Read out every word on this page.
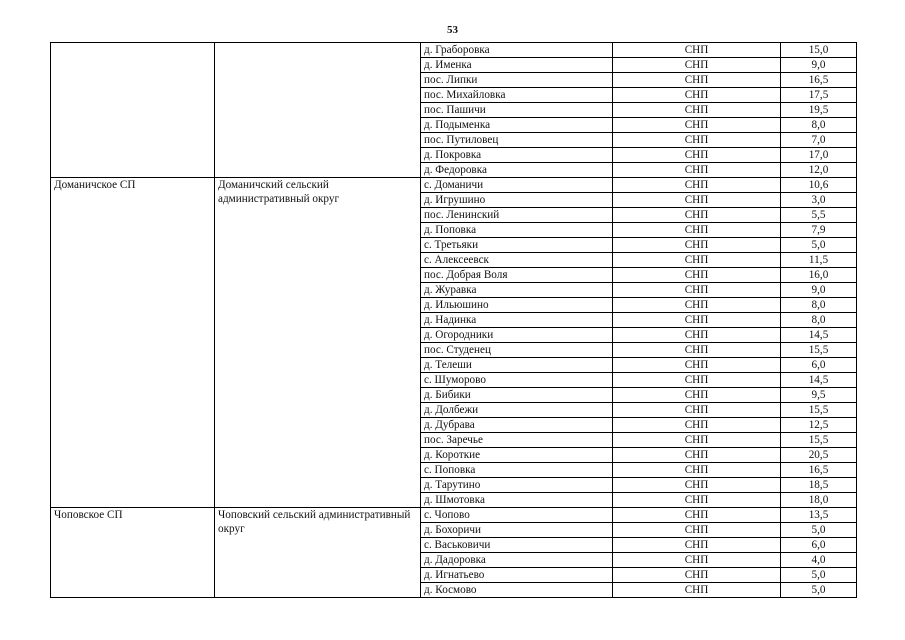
53
		д. Граборовка	СНП	15,0
		д. Именка	СНП	9,0
		пос. Липки	СНП	16,5
		пос. Михайловка	СНП	17,5
		пос. Пашичи	СНП	19,5
		д. Подыменка	СНП	8,0
		пос. Путиловец	СНП	7,0
		д. Покровка	СНП	17,0
		д. Федоровка	СНП	12,0
Доманичское СП	Доманичский сельский административный округ	с. Доманичи	СНП	10,6
		д. Игрушино	СНП	3,0
		пос. Ленинский	СНП	5,5
		д. Поповка	СНП	7,9
		с. Третьяки	СНП	5,0
		с. Алексеевск	СНП	11,5
		пос. Добрая Воля	СНП	16,0
		д. Журавка	СНП	9,0
		д. Ильюшино	СНП	8,0
		д. Надинка	СНП	8,0
		д. Огородники	СНП	14,5
		пос. Студенец	СНП	15,5
		д. Телеши	СНП	6,0
		с. Шуморово	СНП	14,5
		д. Бибики	СНП	9,5
		д. Долбежи	СНП	15,5
		д. Дубрава	СНП	12,5
		пос. Заречье	СНП	15,5
		д. Короткие	СНП	20,5
		с. Поповка	СНП	16,5
		д. Тарутино	СНП	18,5
		д. Шмотовка	СНП	18,0
Чоповское СП	Чоповский сельский административный округ	с. Чопово	СНП	13,5
		д. Бохоричи	СНП	5,0
		с. Васьковичи	СНП	6,0
		д. Дадоровка	СНП	4,0
		д. Игнатьево	СНП	5,0
		д. Космово	СНП	5,0
